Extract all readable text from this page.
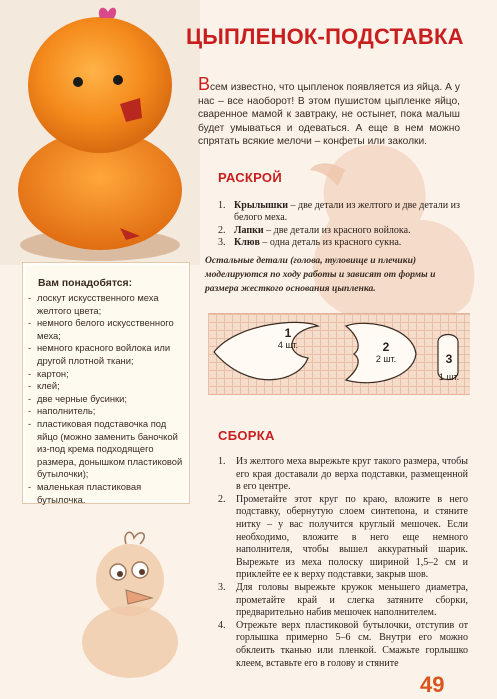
ЦЫПЛЕНОК-ПОДСТАВКА

Всем известно, что цыпленок появляется из яйца. А у нас – все наоборот! В этом пушистом цыпленке яйцо, сваренное мамой к завтраку, не остынет, пока малыш будет умываться и одеваться. А еще в нем можно спрятать всякие мелочи – конфеты или заколки.

РАСКРОЙ
1. Крылышки – две детали из желтого и две детали из белого меха.
2. Лапки – две детали из красного войлока.
3. Клюв – одна деталь из красного сукна.

Остальные детали (голова, туловище и плечики) моделируются по ходу работы и зависят от формы и размера жесткого основания цыпленка.

1
4 шт.	2
2 шт.	3
1 шт.
СБОРКА
1.	Из желтого меха вырежьте круг такого размера, чтобы его края доставали до верха подставки, размещенной в его центре.
2.	Прометайте этот круг по краю, вложите в него подставку, обернутую слоем синтепона, и стяните нитку – у вас получится круглый мешочек. Если необходимо, вложите в него еще немного наполнителя, чтобы вышел аккуратный шарик. Вырежьте из меха полоску шириной 1,5–2 см и приклейте ее к верху подставки, закрыв шов.
3.	Для головы вырежьте кружок меньшего диаметра, прометайте край и слегка затяните сборки, предварительно набив мешочек наполнителем.
4.	Отрежьте верх пластиковой бутылочки, отступив от горлышка примерно 5–6 см. Внутри его можно обклеить тканью или пленкой. Смажьте горлышко клеем, вставьте его в голову и стяните
Вам понадобятся:
- лоскут искусственного меха желтого цвета;
- немного белого искусственного меха;
- немного красного войлока или другой плотной ткани;
- картон;
- клей;
- две черные бусинки;
- наполнитель;
- пластиковая подставочка под яйцо (можно заменить баночкой из-под крема подходящего размера, донышком пластиковой бутылочки);
- маленькая пластиковая бутылочка.
49
